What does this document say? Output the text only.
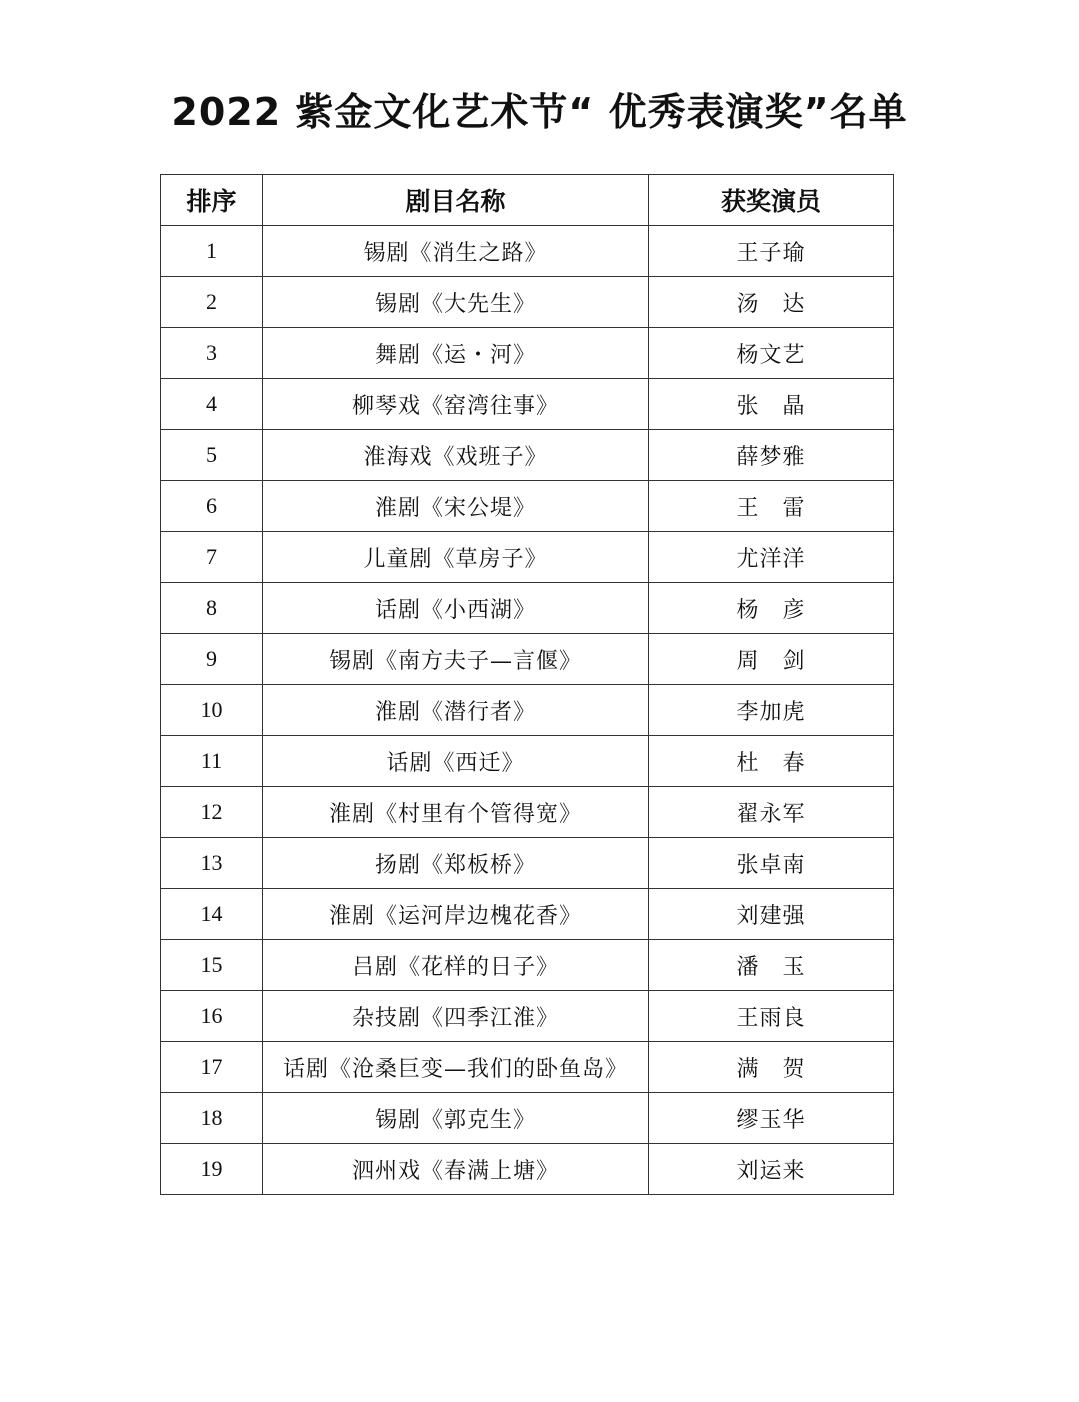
2022 紫金文化艺术节“ 优秀表演奖”名单
排序	剧目名称	获奖演员
1	锡剧《消生之路》	王子瑜
2	锡剧《大先生》	汤　达
3	舞剧《运・河》	杨文艺
4	柳琴戏《窑湾往事》	张　晶
5	淮海戏《戏班子》	薛梦雅
6	淮剧《宋公堤》	王　雷
7	儿童剧《草房子》	尤洋洋
8	话剧《小西湖》	杨　彦
9	锡剧《南方夫子—言偃》	周　剑
10	淮剧《潜行者》	李加虎
11	话剧《西迁》	杜　春
12	淮剧《村里有个管得宽》	翟永军
13	扬剧《郑板桥》	张卓南
14	淮剧《运河岸边槐花香》	刘建强
15	吕剧《花样的日子》	潘　玉
16	杂技剧《四季江淮》	王雨良
17	话剧《沧桑巨变—我们的卧鱼岛》	满　贺
18	锡剧《郭克生》	缪玉华
19	泗州戏《春满上塘》	刘运来
